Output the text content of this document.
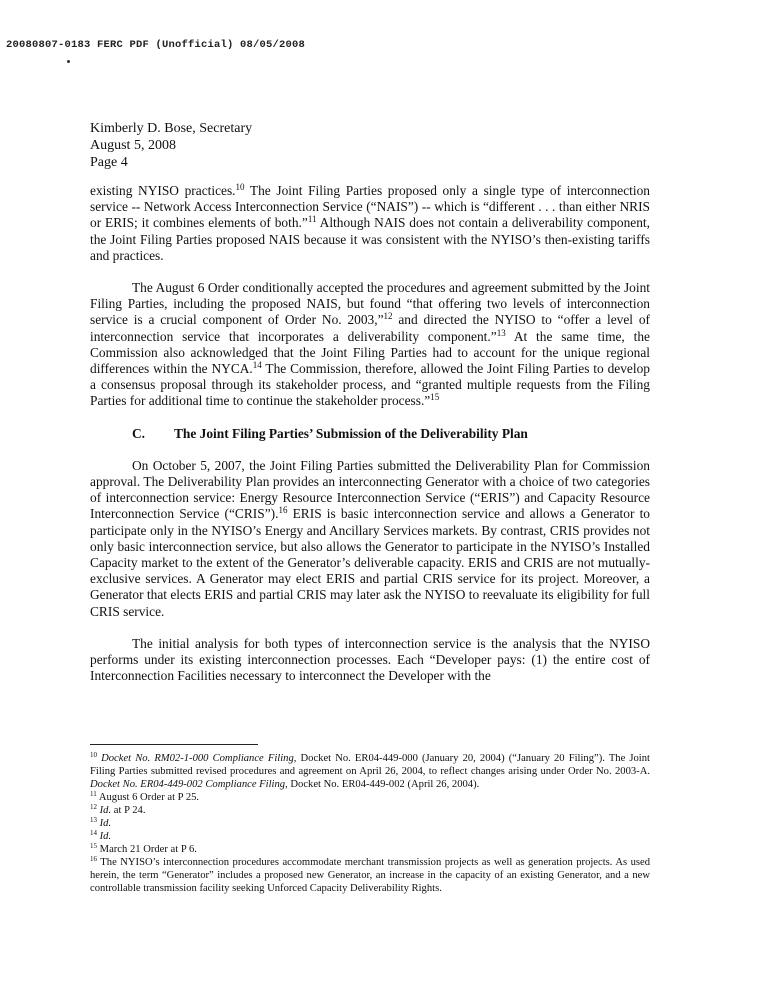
20080807-0183 FERC PDF (Unofficial) 08/05/2008
Kimberly D. Bose, Secretary
August 5, 2008
Page 4

existing NYISO practices.$^{10}$ The Joint Filing Parties proposed only a single type of interconnection service -- Network Access Interconnection Service (“NAIS”) -- which is “different . . . than either NRIS or ERIS; it combines elements of both.”$^{11}$ Although NAIS does not contain a deliverability component, the Joint Filing Parties proposed NAIS because it was consistent with the NYISO’s then-existing tariffs and practices.

The August 6 Order conditionally accepted the procedures and agreement submitted by the Joint Filing Parties, including the proposed NAIS, but found “that offering two levels of interconnection service is a crucial component of Order No. 2003,”$^{12}$ and directed the NYISO to “offer a level of interconnection service that incorporates a deliverability component.”$^{13}$ At the same time, the Commission also acknowledged that the Joint Filing Parties had to account for the unique regional differences within the NYCA.$^{14}$ The Commission, therefore, allowed the Joint Filing Parties to develop a consensus proposal through its stakeholder process, and “granted multiple requests from the Filing Parties for additional time to continue the stakeholder process.”$^{15}$

C. The Joint Filing Parties’ Submission of the Deliverability Plan

On October 5, 2007, the Joint Filing Parties submitted the Deliverability Plan for Commission approval. The Deliverability Plan provides an interconnecting Generator with a choice of two categories of interconnection service: Energy Resource Interconnection Service (“ERIS”) and Capacity Resource Interconnection Service (“CRIS”).$^{16}$ ERIS is basic interconnection service and allows a Generator to participate only in the NYISO’s Energy and Ancillary Services markets. By contrast, CRIS provides not only basic interconnection service, but also allows the Generator to participate in the NYISO’s Installed Capacity market to the extent of the Generator’s deliverable capacity. ERIS and CRIS are not mutually-exclusive services. A Generator may elect ERIS and partial CRIS service for its project. Moreover, a Generator that elects ERIS and partial CRIS may later ask the NYISO to reevaluate its eligibility for full CRIS service.

The initial analysis for both types of interconnection service is the analysis that the NYISO performs under its existing interconnection processes. Each “Developer pays: (1) the entire cost of Interconnection Facilities necessary to interconnect the Developer with the

$^{10}$ Docket No. RM02-1-000 Compliance Filing, Docket No. ER04-449-000 (January 20, 2004) (“January 20 Filing”). The Joint Filing Parties submitted revised procedures and agreement on April 26, 2004, to reflect changes arising under Order No. 2003-A. Docket No. ER04-449-002 Compliance Filing, Docket No. ER04-449-002 (April 26, 2004).

$^{11}$ August 6 Order at P 25.

$^{12}$ Id. at P 24.

$^{13}$ Id.

$^{14}$ Id.

$^{15}$ March 21 Order at P 6.

$^{16}$ The NYISO’s interconnection procedures accommodate merchant transmission projects as well as generation projects. As used herein, the term “Generator” includes a proposed new Generator, an increase in the capacity of an existing Generator, and a new controllable transmission facility seeking Unforced Capacity Deliverability Rights.
